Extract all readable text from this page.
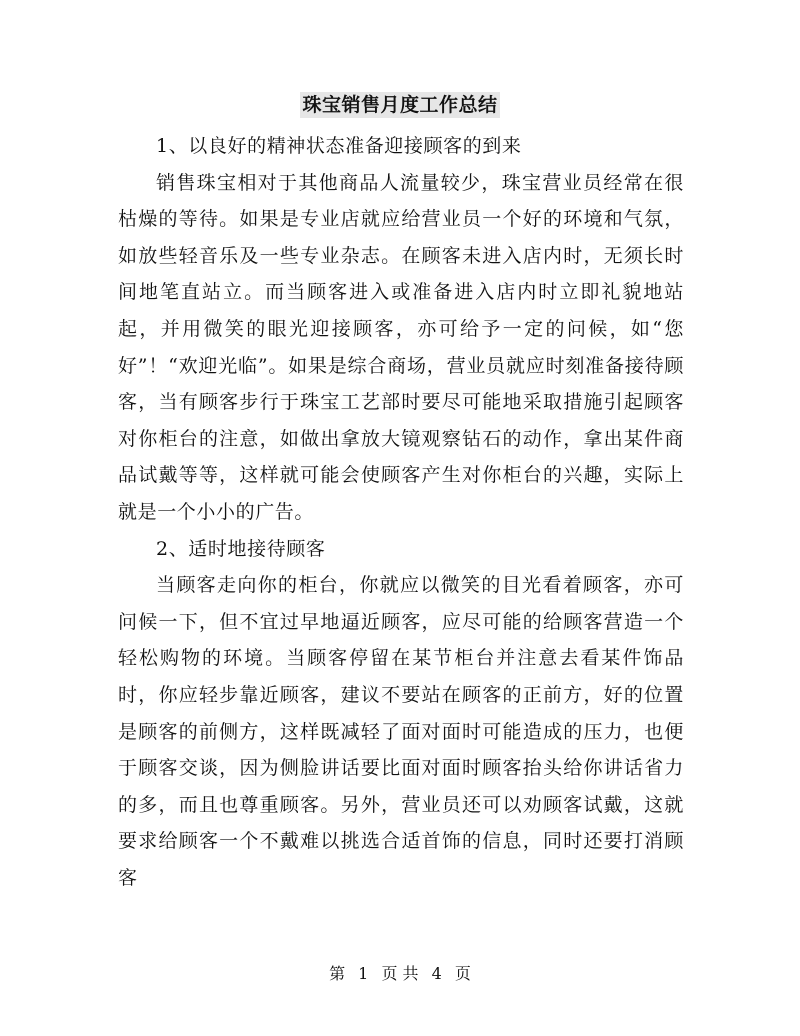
珠宝销售月度工作总结

1、以良好的精神状态准备迎接顾客的到来

销售珠宝相对于其他商品人流量较少，珠宝营业员经常在很枯燥的等待。如果是专业店就应给营业员一个好的环境和气氛，如放些轻音乐及一些专业杂志。在顾客未进入店内时，无须长时间地笔直站立。而当顾客进入或准备进入店内时立即礼貌地站起，并用微笑的眼光迎接顾客，亦可给予一定的问候，如“您好”！“欢迎光临”。如果是综合商场，营业员就应时刻准备接待顾客，当有顾客步行于珠宝工艺部时要尽可能地采取措施引起顾客对你柜台的注意，如做出拿放大镜观察钻石的动作，拿出某件商品试戴等等，这样就可能会使顾客产生对你柜台的兴趣，实际上就是一个小小的广告。

2、适时地接待顾客

当顾客走向你的柜台，你就应以微笑的目光看着顾客，亦可问候一下，但不宜过早地逼近顾客，应尽可能的给顾客营造一个轻松购物的环境。当顾客停留在某节柜台并注意去看某件饰品时，你应轻步靠近顾客，建议不要站在顾客的正前方，好的位置是顾客的前侧方，这样既减轻了面对面时可能造成的压力，也便于顾客交谈，因为侧脸讲话要比面对面时顾客抬头给你讲话省力的多，而且也尊重顾客。另外，营业员还可以劝顾客试戴，这就要求给顾客一个不戴难以挑选合适首饰的信息，同时还要打消顾客

第 1 页 共 4 页
